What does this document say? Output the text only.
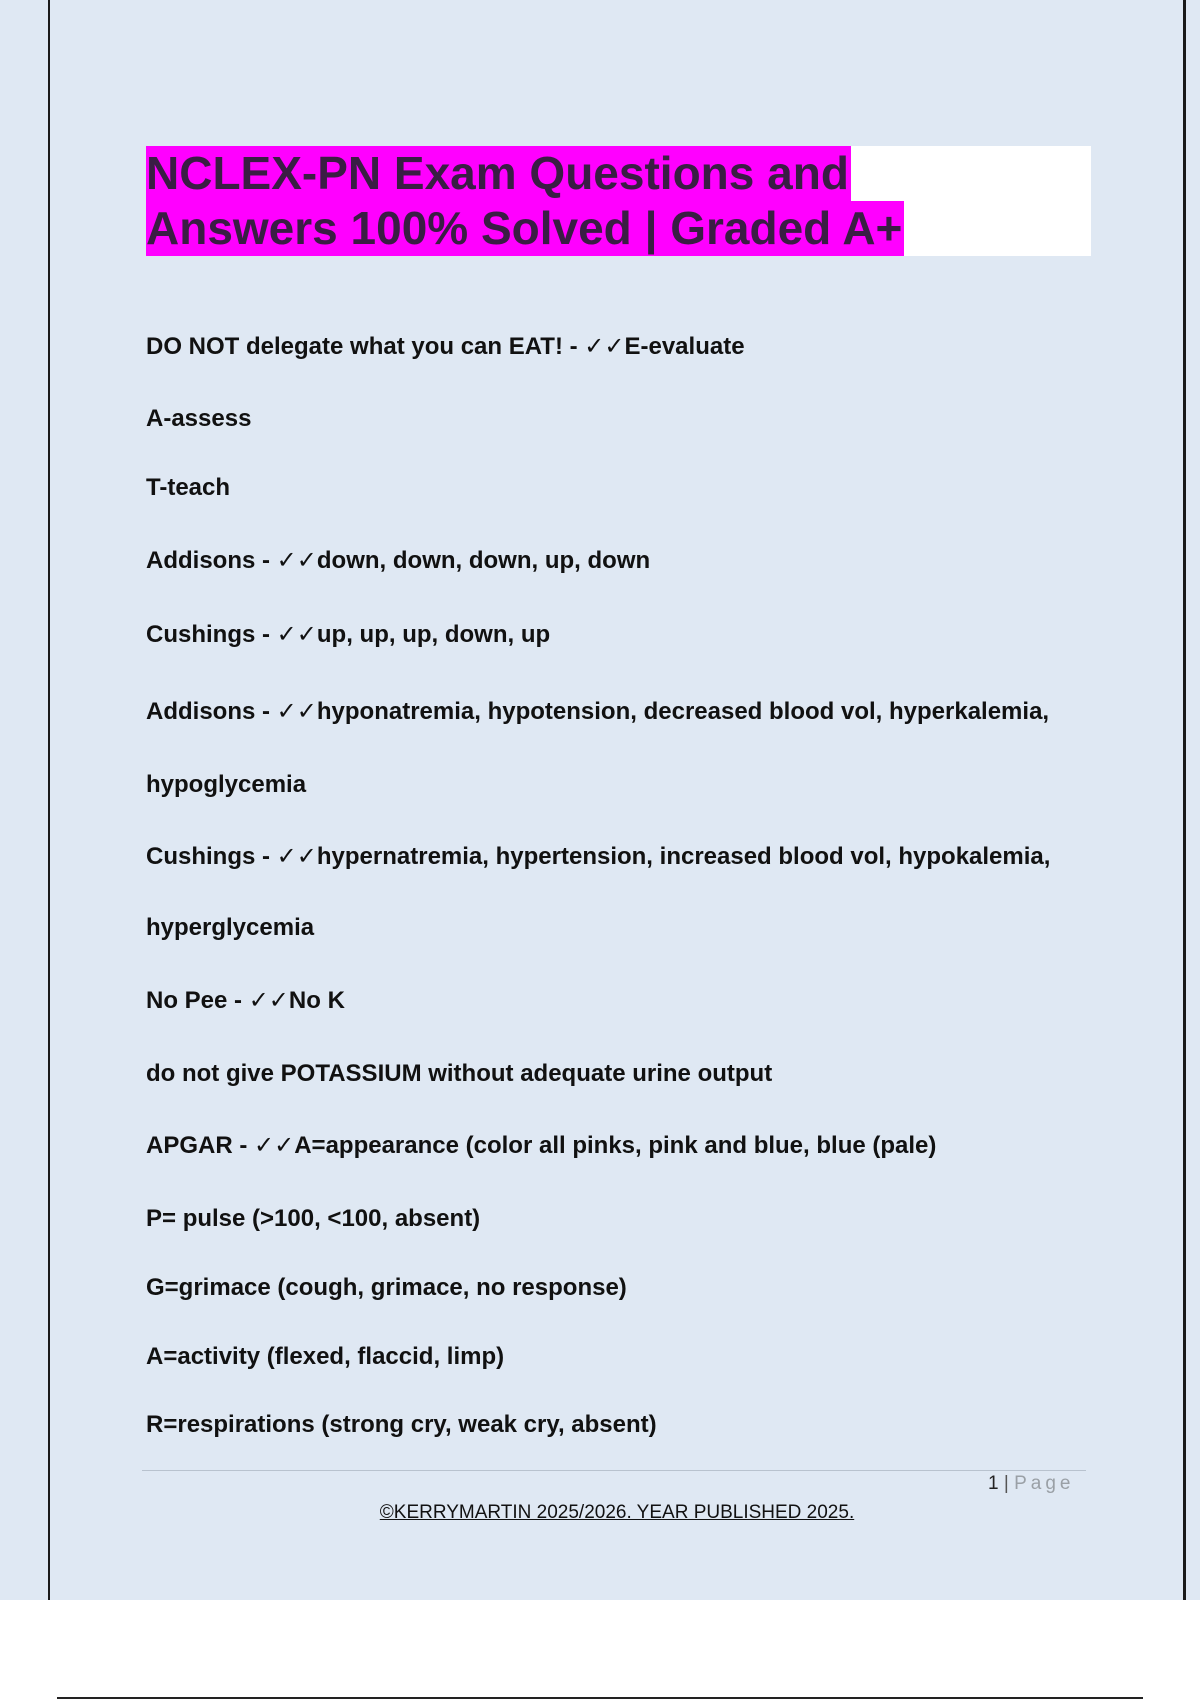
NCLEX-PN Exam Questions and
Answers 100% Solved | Graded A+
DO NOT delegate what you can EAT! - ✓✓E-evaluate
A-assess
T-teach
Addisons - ✓✓down, down, down, up, down
Cushings - ✓✓up, up, up, down, up
Addisons - ✓✓hyponatremia, hypotension, decreased blood vol, hyperkalemia,
hypoglycemia
Cushings - ✓✓hypernatremia, hypertension, increased blood vol, hypokalemia,
hyperglycemia
No Pee - ✓✓No K
do not give POTASSIUM without adequate urine output
APGAR - ✓✓A=appearance (color all pinks, pink and blue, blue (pale)
P= pulse (>100, <100, absent)
G=grimace (cough, grimace, no response)
A=activity (flexed, flaccid, limp)
R=respirations (strong cry, weak cry, absent)
1 | Page
©KERRYMARTIN 2025/2026. YEAR PUBLISHED 2025.
